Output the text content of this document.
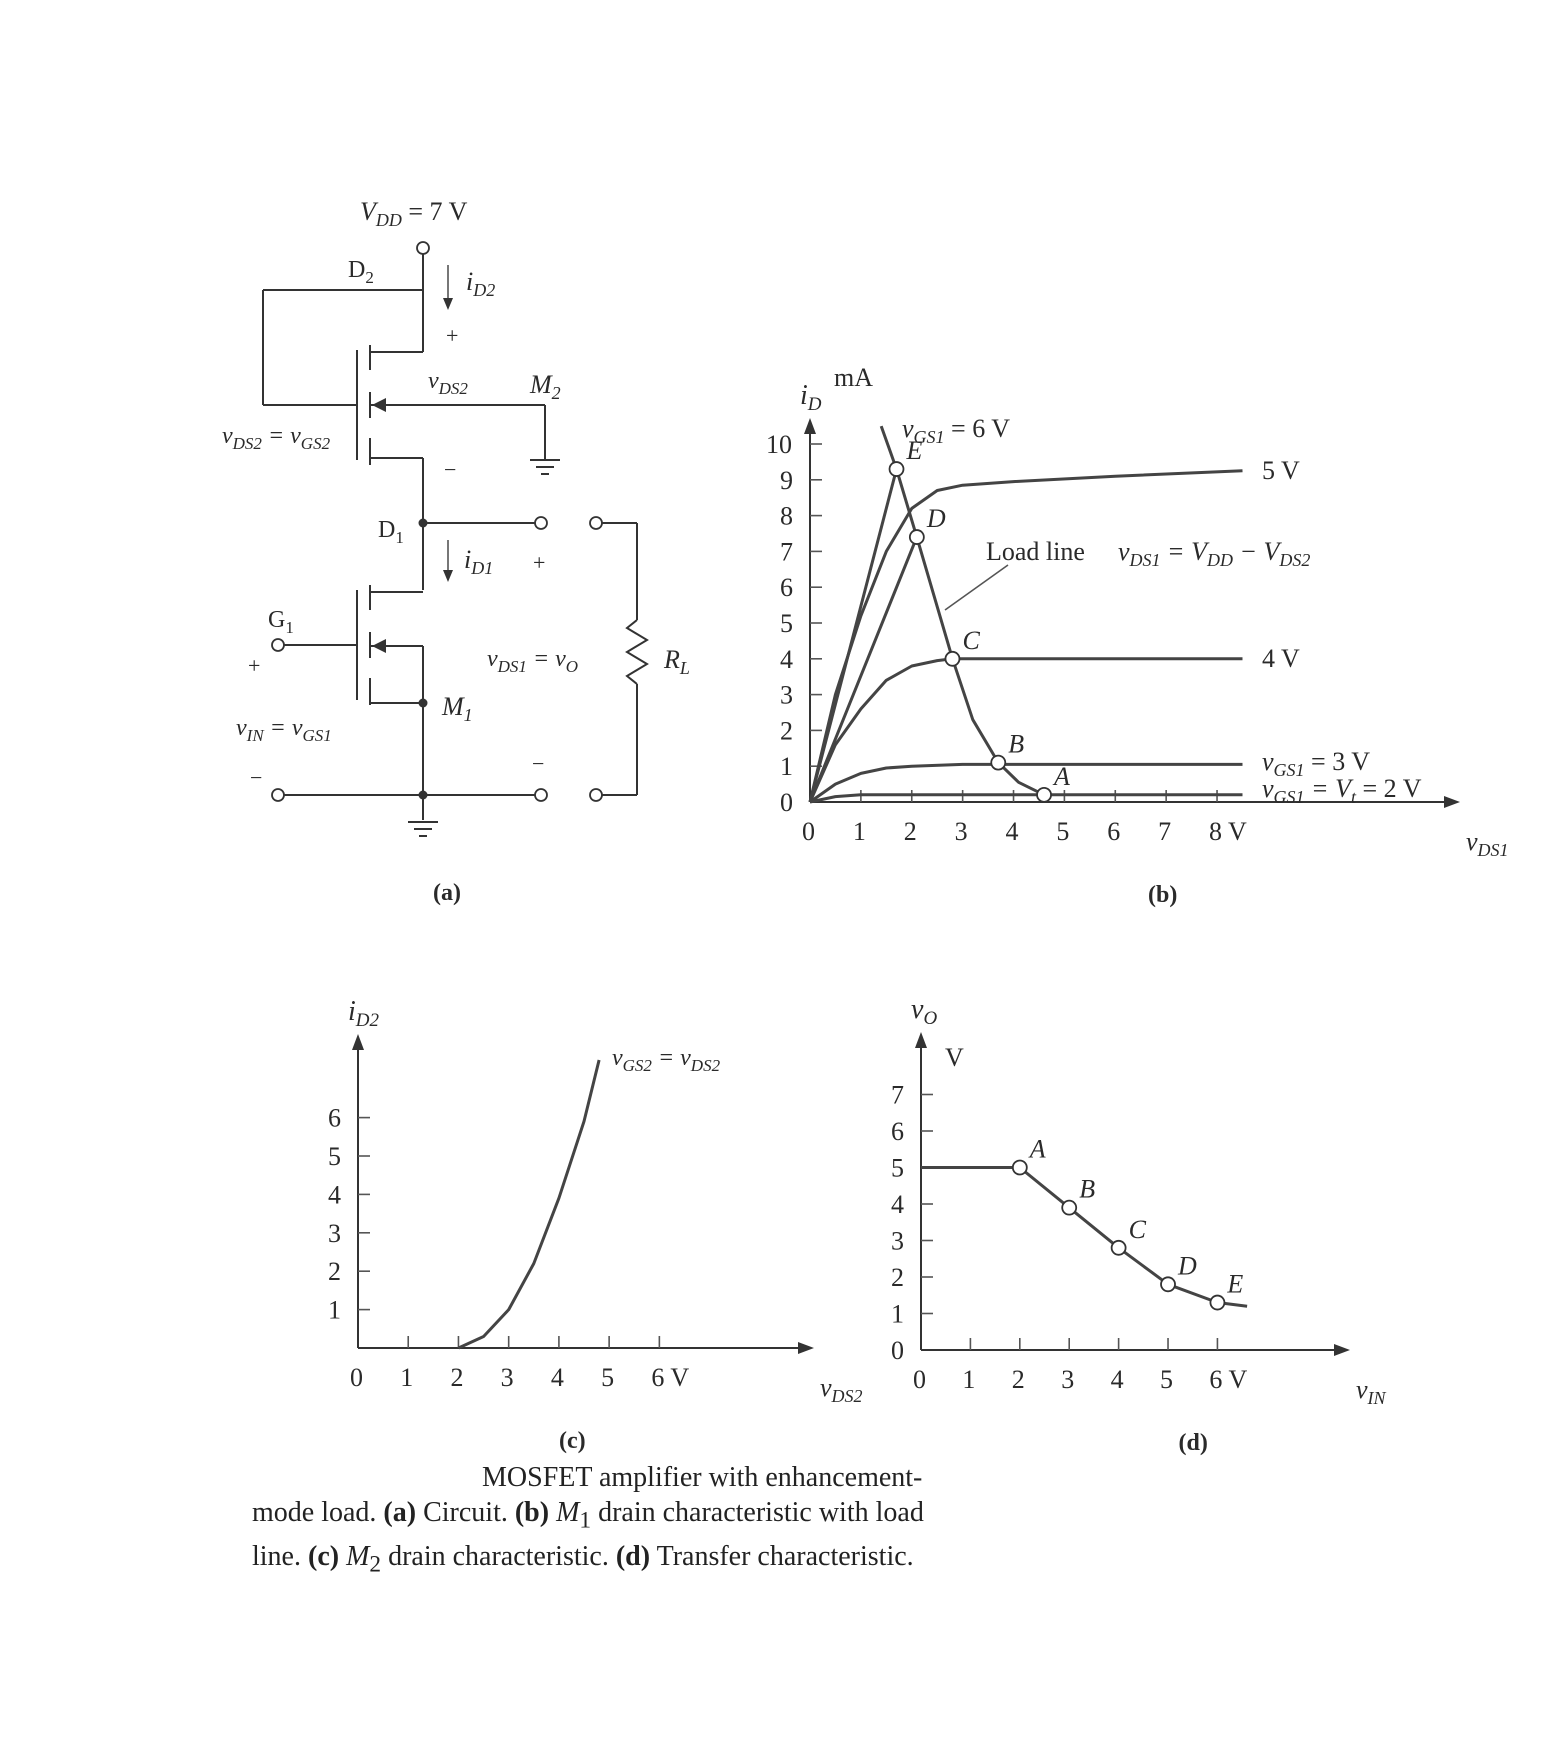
$V_{DD} = 7$ V
$D_2$	$i_{D2}$
+
$v_{DS2}$ $M_2$
$v_{DS2} = v_{GS2}$
−
$D_1$
$R_L$
$i_{D1}$ +
$M_1$
$G_1$
+
$v_{IN} = v_{GS1}$
−
$v_{DS1} = v_O$
−
(a)
0 1 2 3 4 5 6 7 8 V
0
1
2
3
4
5
6
7
8
9
10	E
D
C
B
A
$i_D$
mA
$v_{DS1}$
(b)
0 1 2 3 4 5 6 V
1
2
3
4
5
6
$i_{D2}$
$v_{DS2}$
(c)
0 1 2 3 4 5 6 V
0
1
2
3
4
5
6
7
A
B
C
D
E
$v_O$
V
$v_{IN}$
(d)
$v_{GS1} = 6$ V
5 V
4 V
$v_{GS1} = 3$ V
$v_{GS1} = V_t = 2$ V
Load line $v_{DS1} = V_{DD} - V_{DS2}$
$v_{GS2} = v_{DS2}$
MOSFET amplifier with enhancement-
mode load. (a) Circuit. (b) $M_1$ drain characteristic with load
line. (c) $M_2$ drain characteristic. (d) Transfer characteristic.
